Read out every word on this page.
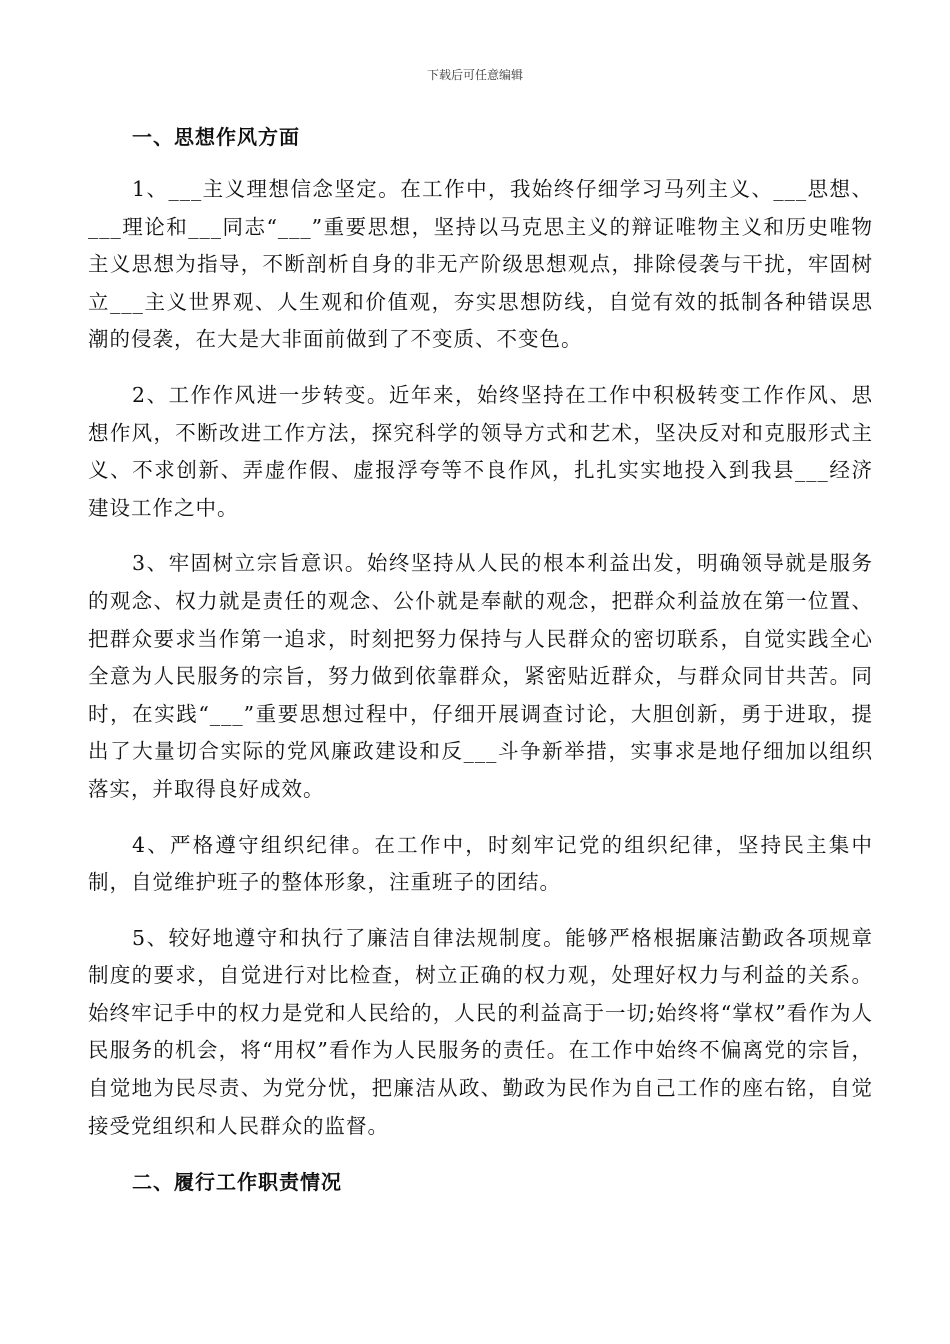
下载后可任意编辑
一、思想作风方面

1、___主义理想信念坚定。在工作中，我始终仔细学习马列主义、___思想、___理论和___同志“___”重要思想，坚持以马克思主义的辩证唯物主义和历史唯物主义思想为指导，不断剖析自身的非无产阶级思想观点，排除侵袭与干扰，牢固树立___主义世界观、人生观和价值观，夯实思想防线，自觉有效的抵制各种错误思潮的侵袭，在大是大非面前做到了不变质、不变色。

2、工作作风进一步转变。近年来，始终坚持在工作中积极转变工作作风、思想作风，不断改进工作方法，探究科学的领导方式和艺术，坚决反对和克服形式主义、不求创新、弄虚作假、虚报浮夸等不良作风，扎扎实实地投入到我县___经济建设工作之中。

3、牢固树立宗旨意识。始终坚持从人民的根本利益出发，明确领导就是服务的观念、权力就是责任的观念、公仆就是奉献的观念，把群众利益放在第一位置、把群众要求当作第一追求，时刻把努力保持与人民群众的密切联系，自觉实践全心全意为人民服务的宗旨，努力做到依靠群众，紧密贴近群众，与群众同甘共苦。同时，在实践“___”重要思想过程中，仔细开展调查讨论，大胆创新，勇于进取，提出了大量切合实际的党风廉政建设和反___斗争新举措，实事求是地仔细加以组织落实，并取得良好成效。

4、严格遵守组织纪律。在工作中，时刻牢记党的组织纪律，坚持民主集中制，自觉维护班子的整体形象，注重班子的团结。

5、较好地遵守和执行了廉洁自律法规制度。能够严格根据廉洁勤政各项规章制度的要求，自觉进行对比检查，树立正确的权力观，处理好权力与利益的关系。始终牢记手中的权力是党和人民给的，人民的利益高于一切;始终将“掌权”看作为人民服务的机会，将“用权”看作为人民服务的责任。在工作中始终不偏离党的宗旨，自觉地为民尽责、为党分忧，把廉洁从政、勤政为民作为自己工作的座右铭，自觉接受党组织和人民群众的监督。

二、履行工作职责情况
